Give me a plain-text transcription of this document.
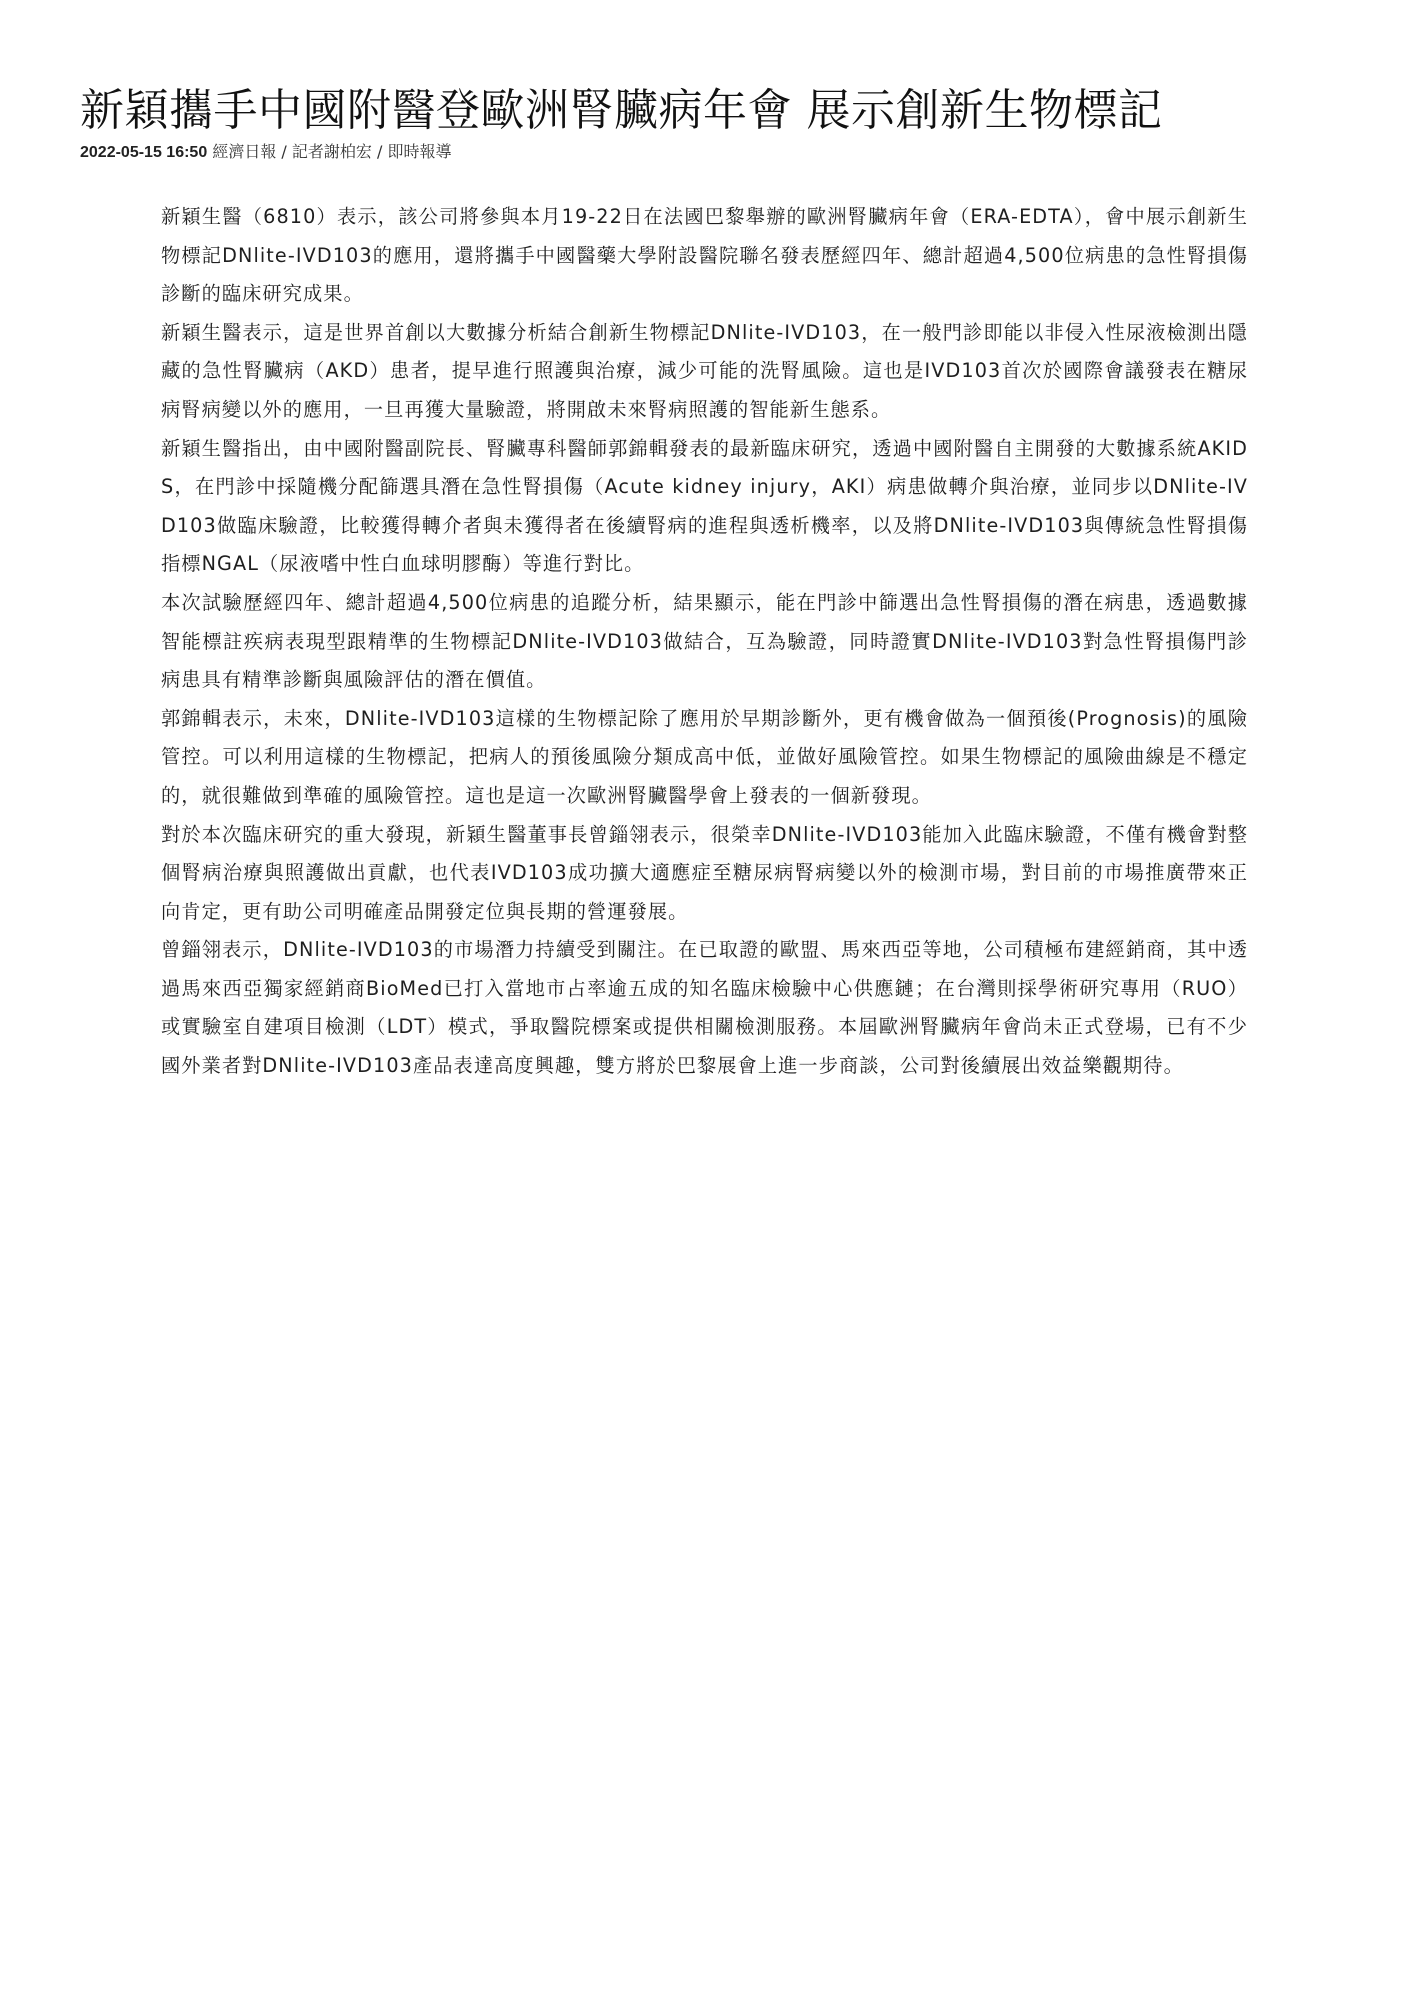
新穎攜手中國附醫登歐洲腎臟病年會 展示創新生物標記
2022-05-15 16:50 經濟日報 / 記者謝柏宏 / 即時報導

新穎生醫（6810）表示，該公司將參與本月19-22日在法國巴黎舉辦的歐洲腎臟病年會（ERA-EDTA），會中展示創新生物標記DNlite-IVD103的應用，還將攜手中國醫藥大學附設醫院聯名發表歷經四年、總計超過4,500位病患的急性腎損傷診斷的臨床研究成果。

新穎生醫表示，這是世界首創以大數據分析結合創新生物標記DNlite-IVD103，在一般門診即能以非侵入性尿液檢測出隱藏的急性腎臟病（AKD）患者，提早進行照護與治療，減少可能的洗腎風險。這也是IVD103首次於國際會議發表在糖尿病腎病變以外的應用，一旦再獲大量驗證，將開啟未來腎病照護的智能新生態系。

新穎生醫指出，由中國附醫副院長、腎臟專科醫師郭錦輯發表的最新臨床研究，透過中國附醫自主開發的大數據系統AKIDS，在門診中採隨機分配篩選具潛在急性腎損傷（Acute kidney injury，AKI）病患做轉介與治療，並同步以DNlite-IVD103做臨床驗證，比較獲得轉介者與未獲得者在後續腎病的進程與透析機率，以及將DNlite-IVD103與傳統急性腎損傷指標NGAL（尿液嗜中性白血球明膠酶）等進行對比。

本次試驗歷經四年、總計超過4,500位病患的追蹤分析，結果顯示，能在門診中篩選出急性腎損傷的潛在病患，透過數據智能標註疾病表現型跟精準的生物標記DNlite-IVD103做結合，互為驗證，同時證實DNlite-IVD103對急性腎損傷門診病患具有精準診斷與風險評估的潛在價值。

郭錦輯表示，未來，DNlite-IVD103這樣的生物標記除了應用於早期診斷外，更有機會做為一個預後(Prognosis)的風險管控。可以利用這樣的生物標記，把病人的預後風險分類成高中低，並做好風險管控。如果生物標記的風險曲線是不穩定的，就很難做到準確的風險管控。這也是這一次歐洲腎臟醫學會上發表的一個新發現。

對於本次臨床研究的重大發現，新穎生醫董事長曾錙翎表示，很榮幸DNlite-IVD103能加入此臨床驗證，不僅有機會對整個腎病治療與照護做出貢獻，也代表IVD103成功擴大適應症至糖尿病腎病變以外的檢測市場，對目前的市場推廣帶來正向肯定，更有助公司明確產品開發定位與長期的營運發展。

曾錙翎表示，DNlite-IVD103的市場潛力持續受到關注。在已取證的歐盟、馬來西亞等地，公司積極布建經銷商，其中透過馬來西亞獨家經銷商BioMed已打入當地市占率逾五成的知名臨床檢驗中心供應鏈；在台灣則採學術研究專用（RUO）或實驗室自建項目檢測（LDT）模式，爭取醫院標案或提供相關檢測服務。本屆歐洲腎臟病年會尚未正式登場，已有不少國外業者對DNlite-IVD103產品表達高度興趣，雙方將於巴黎展會上進一步商談，公司對後續展出效益樂觀期待。
